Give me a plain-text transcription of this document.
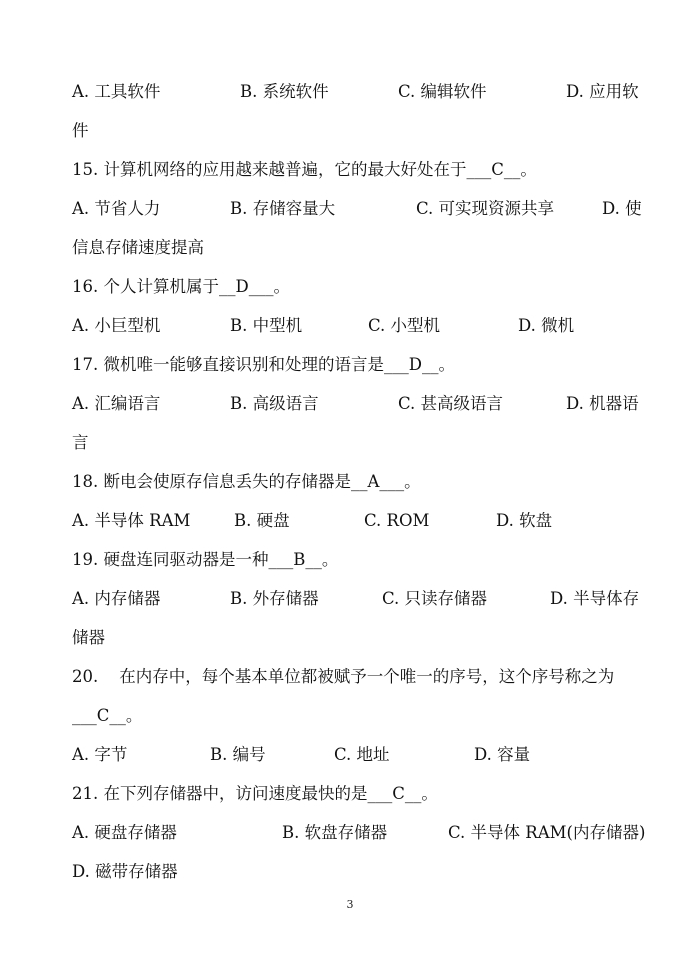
A. 工具软件	B. 系统软件	C. 编辑软件	D. 应用软
件
15. 计算机网络的应用越来越普遍，它的最大好处在于___C__。
A. 节省人力	B. 存储容量大	C. 可实现资源共享	D. 使
信息存储速度提高
16. 个人计算机属于__D___。
A. 小巨型机	B. 中型机	C. 小型机	D. 微机
17. 微机唯一能够直接识别和处理的语言是___D__。
A. 汇编语言	B. 高级语言	C. 甚高级语言	D. 机器语
言
18. 断电会使原存信息丢失的存储器是__A___。
A. 半导体 RAM	B. 硬盘	C. ROM	D. 软盘
19. 硬盘连同驱动器是一种___B__。
A. 内存储器	B. 外存储器	C. 只读存储器	D. 半导体存
储器
20.    在内存中，每个基本单位都被赋予一个唯一的序号，这个序号称之为
___C__。
A. 字节	B. 编号	C. 地址	D. 容量
21. 在下列存储器中，访问速度最快的是___C__。
A. 硬盘存储器	B. 软盘存储器	C. 半导体 RAM(内存储器)
D. 磁带存储器
3
